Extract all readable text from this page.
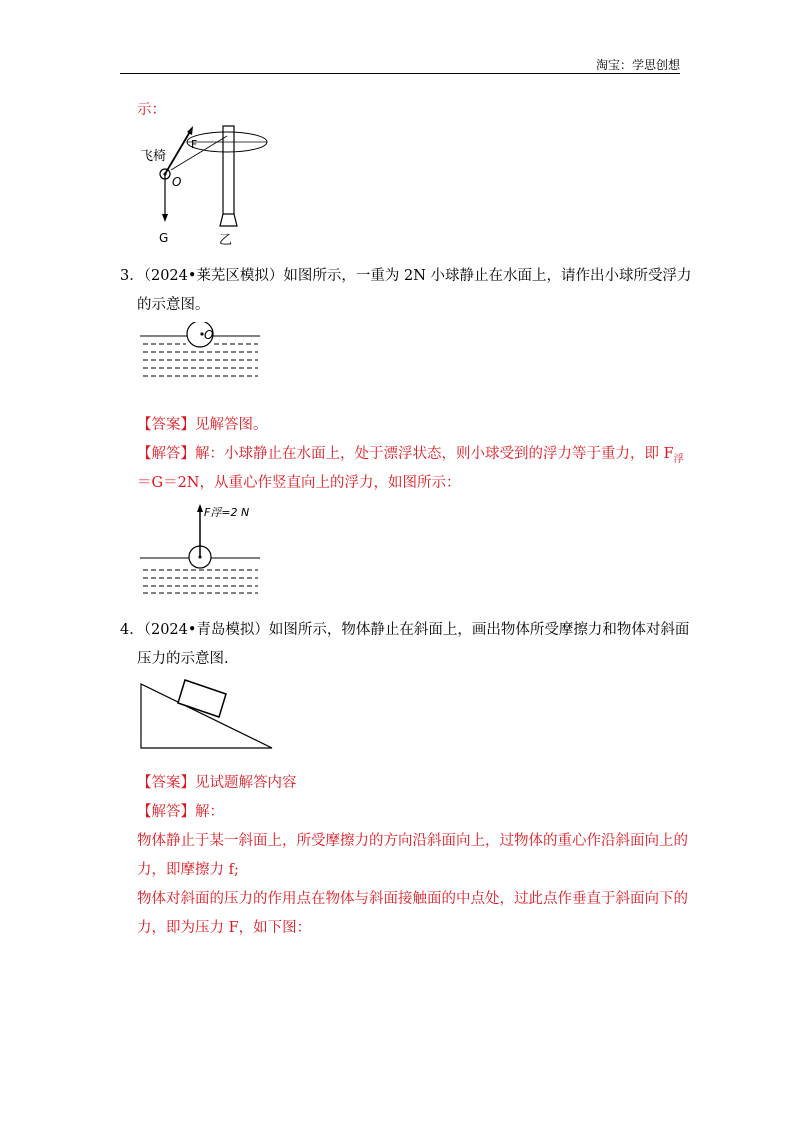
淘宝：学思创想
示：
飞椅
F
O
G	乙
3．（2024•莱芜区模拟）如图所示，一重为 2N 小球静止在水面上，请作出小球所受浮力
的示意图。
O
【答案】见解答图。
【解答】解：小球静止在水面上，处于漂浮状态，则小球受到的浮力等于重力，即 $F_浮$
＝G＝2N，从重心作竖直向上的浮力，如图所示：
F浮=2 N
4．（2024•青岛模拟）如图所示，物体静止在斜面上，画出物体所受摩擦力和物体对斜面
压力的示意图.
【答案】见试题解答内容
【解答】解：
物体静止于某一斜面上，所受摩擦力的方向沿斜面向上，过物体的重心作沿斜面向上的
力，即摩擦力 f;
物体对斜面的压力的作用点在物体与斜面接触面的中点处，过此点作垂直于斜面向下的
力，即为压力 F，如下图：
